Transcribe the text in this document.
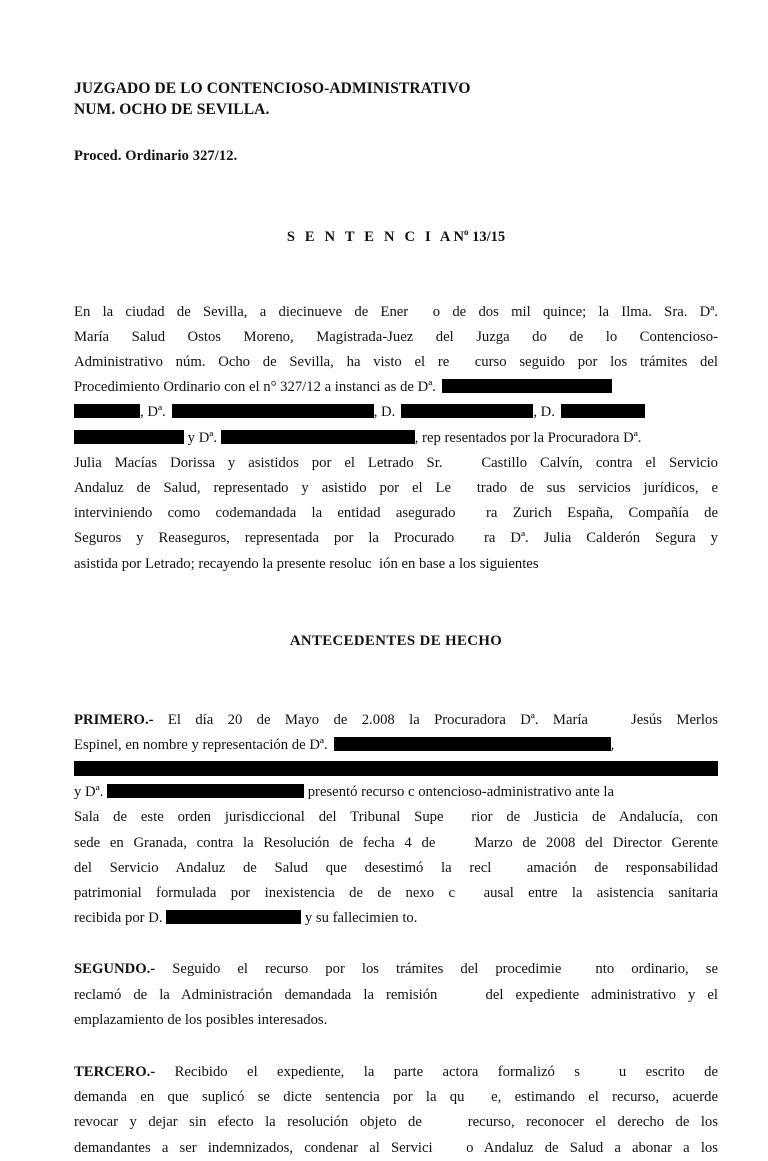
JUZGADO DE LO CONTENCIOSO-ADMINISTRATIVO
NUM. OCHO DE SEVILLA.
Proced. Ordinario 327/12.
S E N T E N C I $AN^o$ 13/15
En la ciudad de Sevilla, a diecinueve de Ener  o de dos mil quince; la Ilma. Sra. Dª.
María Salud Ostos Moreno, Magistrada-Juez del Juzga do de lo Contencioso-
Administrativo núm. Ocho de Sevilla, ha visto el re  curso seguido por los trámites del
Procedimiento Ordinario con el n° 327/12 a instanci as de Dª.
, Dª.	, D.	, D.
y Dª.	, rep resentados por la Procuradora Dª.
Julia Macías Dorissa y asistidos por el Letrado Sr.   Castillo Calvín, contra el Servicio
Andaluz de Salud, representado y asistido por el Le  trado de sus servicios jurídicos, e
interviniendo como codemandada la entidad asegurado  ra Zurich España, Compañía de
Seguros y Reaseguros, representada por la Procurado  ra Dª. Julia Calderón Segura y
asistida por Letrado; recayendo la presente resoluc  ión en base a los siguientes
ANTECEDENTES DE HECHO
PRIMERO.- El día 20 de Mayo de 2.008 la Procuradora Dª. María   Jesús Merlos
Espinel, en nombre y representación de Dª.	,
y Dª.	presentó recurso c ontencioso-administrativo ante la
Sala de este orden jurisdiccional del Tribunal Supe  rior de Justicia de Andalucía, con
sede en Granada, contra la Resolución de fecha 4 de    Marzo de 2008 del Director Gerente
del Servicio Andaluz de Salud que desestimó la recl  amación de responsabilidad
patrimonial formulada por inexistencia de de nexo c  ausal entre la asistencia sanitaria
recibida por D.	y su fallecimien to.
SEGUNDO.- Seguido el recurso por los trámites del procedimie  nto ordinario, se
reclamó de la Administración demandada la remisión    del expediente administrativo y el
emplazamiento de los posibles interesados.
TERCERO.- Recibido el expediente, la parte actora formalizó s  u escrito de
demanda en que suplicó se dicte sentencia por la qu  e, estimando el recurso, acuerde
revocar y dejar sin efecto la resolución objeto de    recurso, reconocer el derecho de los
demandantes a ser indemnizados, condenar al Servici   o Andaluz de Salud a abonar a los
